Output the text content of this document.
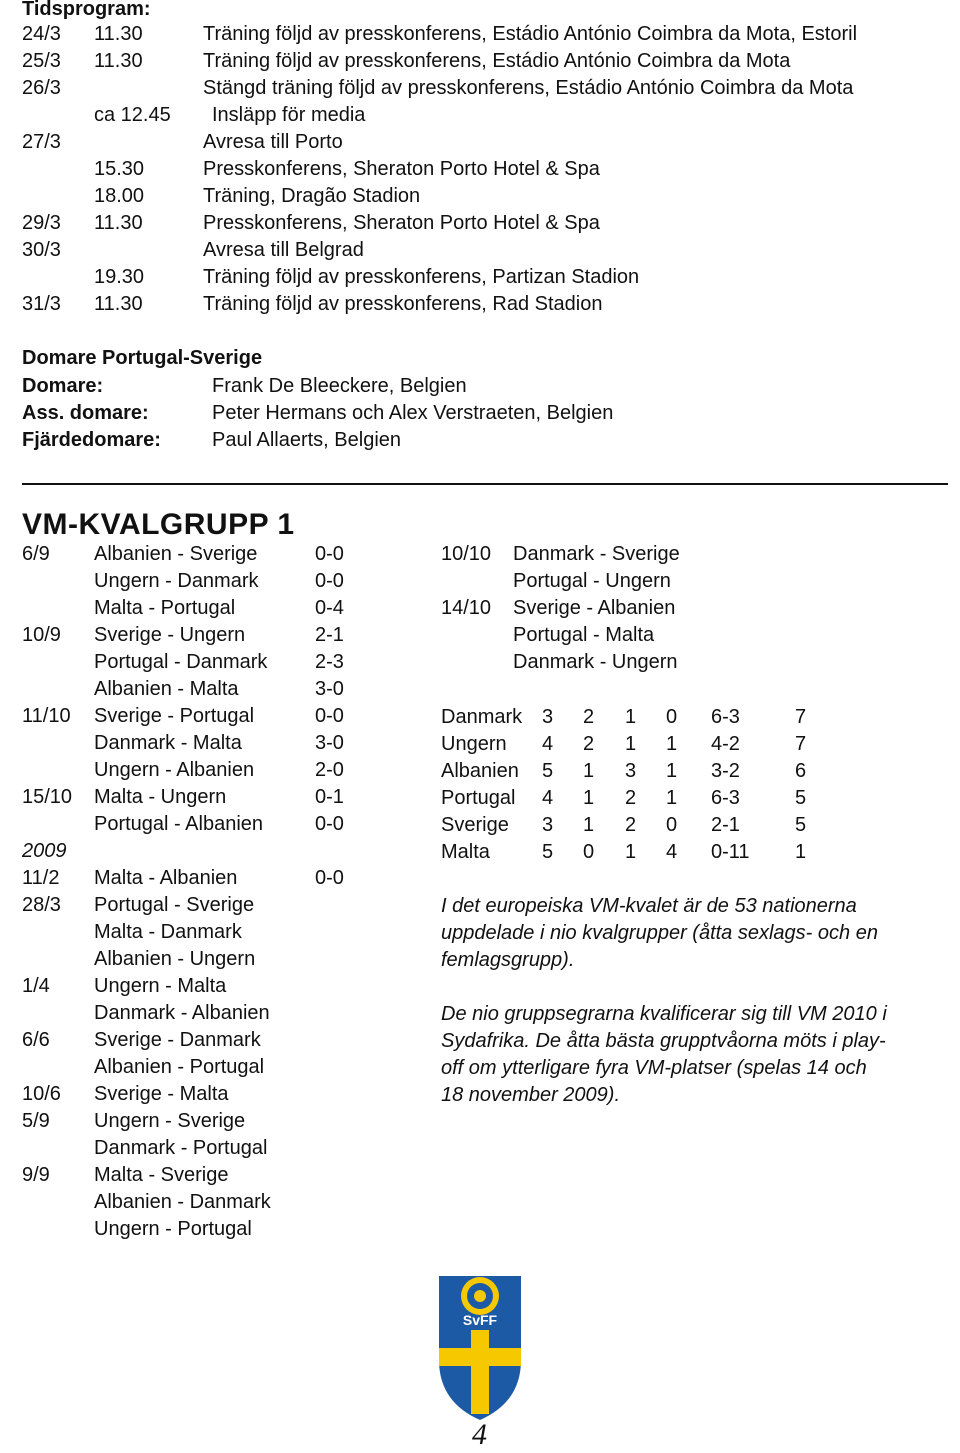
Tidsprogram:
24/3 11.30	Träning följd av presskonferens, Estádio António Coimbra da Mota, Estoril
25/3 11.30	Träning följd av presskonferens, Estádio António Coimbra da Mota
26/3	Stängd träning följd av presskonferens, Estádio António Coimbra da Mota
ca 12.45 Insläpp för media
27/3	Avresa till Porto
15.30	Presskonferens, Sheraton Porto Hotel & Spa
18.00	Träning, Dragão Stadion
29/3 11.30	Presskonferens, Sheraton Porto Hotel & Spa
30/3	Avresa till Belgrad
19.30	Träning följd av presskonferens, Partizan Stadion
31/3 11.30	Träning följd av presskonferens, Rad Stadion
Domare Portugal-Sverige
Domare:	Frank De Bleeckere, Belgien
Ass. domare:	Peter Hermans och Alex Verstraeten, Belgien
Fjärdedomare:	Paul Allaerts, Belgien
VM-KVALGRUPP 1
6/9 Albanien - Sverige	0-0
Ungern - Danmark	0-0
Malta - Portugal	0-4
10/9 Sverige - Ungern	2-1
Portugal - Danmark 2-3
Albanien - Malta	3-0
11/10 Sverige - Portugal	0-0
Danmark - Malta	3-0
Ungern - Albanien	2-0
15/10 Malta - Ungern	0-1
Portugal - Albanien	0-0
2009
11/2 Malta - Albanien	0-0
28/3 Portugal - Sverige
Malta - Danmark
Albanien - Ungern
1/4 Ungern - Malta
Danmark - Albanien
6/6 Sverige - Danmark
Albanien - Portugal
10/6 Sverige - Malta
5/9 Ungern - Sverige
Danmark - Portugal
9/9 Malta - Sverige
Albanien - Danmark
Ungern - Portugal
10/10 Danmark - Sverige
Portugal - Ungern
14/10 Sverige - Albanien
Portugal - Malta
Danmark - Ungern
Danmark 3 2 1 0 6-3	7
Ungern 4 2 1 1 4-2	7
Albanien 5 1 3 1 3-2	6
Portugal 4 1 2 1 6-3	5
Sverige 3 1 2 0 2-1	5
Malta	5 0 1 4 0-11 1
I det europeiska VM-kvalet är de 53 nationerna
uppdelade i nio kvalgrupper (åtta sexlags- och en
femlagsgrupp).
De nio gruppsegrarna kvalificerar sig till VM 2010 i
Sydafrika. De åtta bästa grupptvåorna möts i play-
off om ytterligare fyra VM-platser (spelas 14 och
18 november 2009).
SvFF
4
